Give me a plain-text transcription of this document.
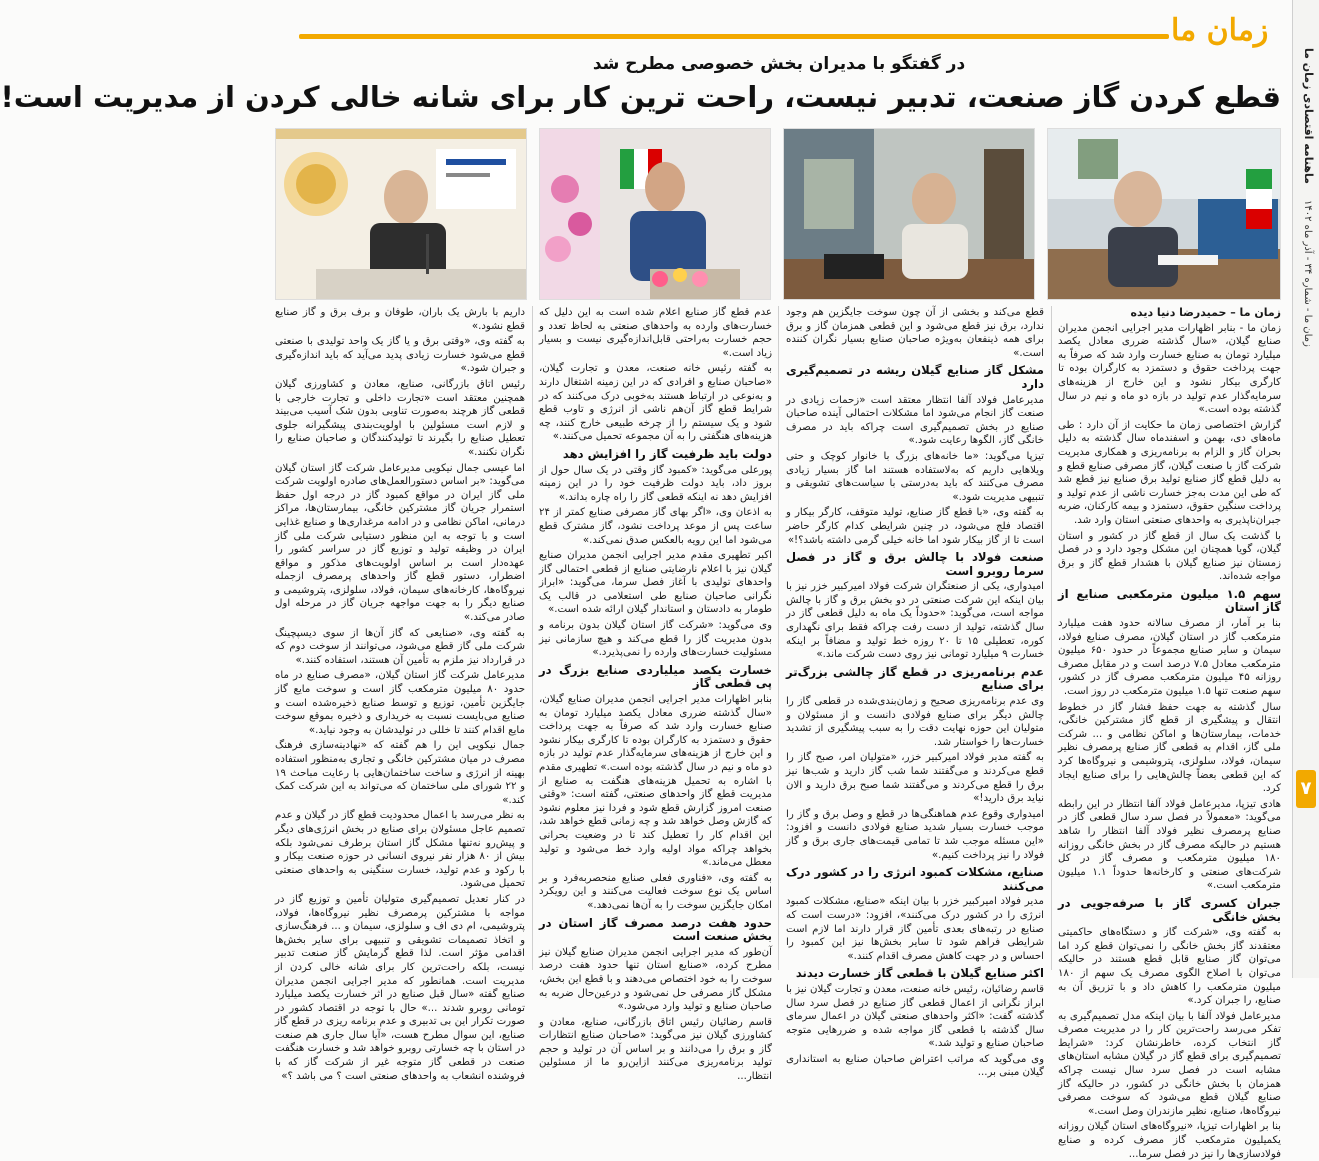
ماهنامه اقتصادی زمان ما
زمان ما - شماره ۳۴ - آذر ماه ۱۴۰۲
۷
زمان ما
در گفتگو با مدیران بخش خصوصی مطرح شد
قطع کردن گاز صنعت، تدبیر نیست، راحت ترین کار برای شانه خالی کردن از مدیریت است!
زمان ما – حمیدرضا دنیا دیده

زمان ما - بنابر اظهارات مدیر اجرایی انجمن مدیران صنایع گیلان، «سال گذشته ضرری معادل یکصد میلیارد تومان به صنایع خسارت وارد شد که صرفاً به جهت پرداخت حقوق و دستمزد به کارگران بوده تا کارگری بیکار نشود و این خارج از هزینه‌های سرمایه‌گذار عدم تولید در بازه دو ماه و نیم در سال گذشته بوده است.»

گزارش اختصاصی زمان ما حکایت از آن دارد : طی ماه‌های دی، بهمن و اسفندماه سال گذشته به دلیل بحران گاز و الزام به برنامه‌ریزی و همکاری مدیریت شرکت گاز با صنعت گیلان، گاز مصرفی صنایع قطع و به دلیل قطع گاز صنایع تولید برق صنایع نیز قطع شد که طی این مدت به‌جز خسارت ناشی از عدم تولید و پرداخت سنگین حقوق، دستمزد و بیمه کارکنان، ضربه جبران‌ناپذیری به واحدهای صنعتی استان وارد شد.

با گذشت یک سال از قطع گاز در کشور و استان گیلان، گویا همچنان این مشکل وجود دارد و در فصل زمستان نیز صنایع گیلان با هشدار قطع گاز و برق مواجه شده‌اند.

سهم ۱.۵ میلیون مترمکعبی صنایع از گاز استان

بنا بر آمار، از مصرف سالانه حدود هفت میلیارد مترمکعب گاز در استان گیلان، مصرف صنایع فولاد، سیمان و سایر صنایع مجموعاً در حدود ۶۵۰ میلیون مترمکعب معادل ۷.۵ درصد است و در مقابل مصرف روزانه ۴۵ میلیون مترمکعب مصرف گاز در کشور، سهم صنعت تنها ۱.۵ میلیون مترمکعب در روز است.

سال گذشته به جهت حفظ فشار گاز در خطوط انتقال و پیشگیری از قطع گاز مشترکین خانگی، خدمات، بیمارستان‌ها و اماکن نظامی و ... شرکت ملی گاز، اقدام به قطعی گاز صنایع پرمصرف نظیر سیمان، فولاد، سلولزی، پتروشیمی و نیروگاه‌ها کرد که این قطعی بعضاً چالش‌هایی را برای صنایع ایجاد کرد.

هادی تیزپا، مدیرعامل فولاد آلفا انتظار در این رابطه می‌گوید: «معمولاً در فصل سرد سال قطعی گاز در صنایع پرمصرف نظیر فولاد آلفا انتظار را شاهد هستیم در حالیکه مصرف گاز در بخش خانگی روزانه ۱۸۰ میلیون مترمکعب و مصرف گاز در کل شرکت‌های صنعتی و کارخانه‌ها حدوداً ۱.۱ میلیون مترمکعب است.»

جبران کسری گاز با صرفه‌جویی در بخش خانگی

به گفته وی، «شرکت گاز و دستگاه‌های حاکمیتی معتقدند گاز بخش خانگی را نمی‌توان قطع کرد اما می‌توان گاز صنایع قابل قطع هستند در حالیکه می‌توان با اصلاح الگوی مصرف یک سهم از ۱۸۰ میلیون مترمکعب را کاهش داد و با تزریق آن به صنایع، را جبران کرد.»

مدیرعامل فولاد آلفا با بیان اینکه مدل تصمیم‌گیری به تفکر می‌رسد راحت‌ترین کار را در مدیریت مصرف گاز انتخاب کرده، خاطرنشان کرد: «شرایط تصمیم‌گیری برای قطع گاز در گیلان مشابه استان‌های مشابه است در فصل سرد سال نیست چراکه همزمان با بخش خانگی در کشور، در حالیکه گاز صنایع گیلان قطع می‌شود که سوخت مصرفی نیروگاه‌ها، صنایع، نظیر مازندران وصل است.»

بنا بر اظهارات تیزپا، «نیروگاه‌های استان گیلان روزانه یکمیلیون مترمکعب گاز مصرف کرده و صنایع فولادسازی‌ها را نیز در فصل سرما...

قطع می‌کند و بخشی از آن چون سوخت جایگزین هم وجود ندارد، برق نیز قطع می‌شود و این قطعی همزمان گاز و برق برای همه ذینفعان به‌ویژه صاحبان صنایع بسیار نگران کننده است.»

مشکل گاز صنایع گیلان ریشه در تصمیم‌گیری دارد

مدیرعامل فولاد آلفا انتظار معتقد است «زحمات زیادی در صنعت گاز انجام می‌شود اما مشکلات احتمالی آینده صاحبان صنایع در بخش تصمیم‌گیری است چراکه باید در مصرف خانگی گاز، الگوها رعایت شود.»

تیزپا می‌گوید: «ما خانه‌های بزرگ با خانوار کوچک و حتی ویلاهایی داریم که به‌لاستفاده هستند اما گاز بسیار زیادی مصرف می‌کنند که باید به‌درستی با سیاست‌های تشویقی و تنبیهی مدیریت شود.»

به گفته وی، «با قطع گاز صنایع، تولید متوقف، کارگر بیکار و اقتصاد فلج می‌شود، در چنین شرایطی کدام کارگر حاضر است تا از گاز بیکار شود اما خانه خیلی گرمی داشته باشد؟!»

صنعت فولاد با چالش برق و گاز در فصل سرما روبرو است

امیدواری، یکی از صنعتگران شرکت فولاد امیرکبیر خزر نیز با بیان اینکه این شرکت صنعتی در دو بخش برق و گاز با چالش مواجه است، می‌گوید: «حدوداً یک ماه به دلیل قطعی گاز در سال گذشته، تولید از دست رفت چراکه فقط برای نگهداری کوره، تعطیلی ۱۵ تا ۲۰ روزه خط تولید و مضافاً بر اینکه خسارت ۹ میلیارد تومانی نیز روی دست شرکت ماند.»

عدم برنامه‌ریزی در قطع گاز چالشی بزرگ‌تر برای صنایع

وی عدم برنامه‌ریزی صحیح و زمان‌بندی‌شده در قطعی گاز را چالش دیگر برای صنایع فولادی دانست و از مسئولان و متولیان این حوزه نهایت دقت را به سبب پیشگیری از تشدید خسارت‌ها را خواستار شد.

به گفته مدیر فولاد امیرکبیر خزر، «متولیان امر، صبح گاز را قطع می‌کردند و می‌گفتند شما شب گاز دارید و شب‌ها نیز برق را قطع می‌کردند و می‌گفتند شما صبح برق دارید و الان نیاید برق دارید!»

امیدواری وقوع عدم هماهنگی‌ها در قطع و وصل برق و گاز را موجب خسارت بسیار شدید صنایع فولادی دانست و افزود: «این مسئله موجب شد تا تمامی قیمت‌های جاری برق و گاز فولاد را نیز پرداخت کنیم.»

صنایع، مشکلات کمبود انرژی را در کشور درک می‌کنند

مدیر فولاد امیرکبیر خزر با بیان اینکه «صنایع، مشکلات کمبود انرژی را در کشور درک می‌کنند»، افزود: «درست است که صنایع در رتبه‌های بعدی تأمین گاز قرار دارند اما لازم است شرایطی فراهم شود تا سایر بخش‌ها نیز این کمبود را احساس و در جهت کاهش مصرف اقدام کنند.»

اکثر صنایع گیلان با قطعی گاز خسارت دیدند

قاسم رضائیان، رئیس خانه صنعت، معدن و تجارت گیلان نیز با ابراز نگرانی از اعمال قطعی گاز صنایع در فصل سرد سال گذشته گفت: «اکثر واحدهای صنعتی گیلان در اعمال سرمای سال گذشته با قطعی گاز مواجه شده و ضررهایی متوجه صاحبان صنایع و تولید شد.»

وی می‌گوید که مراتب اعتراض صاحبان صنایع به استانداری گیلان مبنی بر...

عدم قطع گاز صنایع اعلام شده است به این دلیل که خسارت‌های وارده به واحدهای صنعتی به لحاظ تعدد و حجم خسارت به‌راحتی قابل‌اندازه‌گیری نیست و بسیار زیاد است.»

به گفته رئیس خانه صنعت، معدن و تجارت گیلان، «صاحبان صنایع و افرادی که در این زمینه اشتغال دارند و به‌نوعی در ارتباط هستند به‌خوبی درک می‌کنند که در شرایط قطع گاز آن‌هم ناشی از انرژی و تاوب قطع شود و یک سیستم را از چرخه طبیعی خارج کنند، چه هزینه‌های هنگفتی را به آن مجموعه تحمیل می‌کنند.»

دولت باید ظرفیت گاز را افزایش دهد

پورعلی می‌گوید: «کمبود گاز وقتی در یک سال حول از بروز داد، باید دولت ظرفیت خود را در این زمینه افزایش دهد نه اینکه قطعی گاز را راه چاره بداند.»

به اذعان وی، «اگر بهای گاز مصرفی صنایع کمتر از ۲۴ ساعت پس از موعد پرداخت نشود، گاز مشترک قطع می‌شود اما این رویه بالعکس صدق نمی‌کند.»

اکبر تطهیری مقدم مدیر اجرایی انجمن مدیران صنایع گیلان نیز با اعلام نارضایتی صنایع از قطعی احتمالی گاز واحدهای تولیدی با آغاز فصل سرما، می‌گوید: «ابراز نگرانی صاحبان صنایع طی استعلامی در قالب یک طومار به دادستان و استاندار گیلان ارائه شده است.»

وی می‌گوید: «شرکت گاز استان گیلان بدون برنامه و بدون مدیریت گاز را قطع می‌کند و هیچ سازمانی نیز مسئولیت خسارت‌های وارده را نمی‌پذیرد.»

خسارت یکصد میلیاردی صنایع بزرگ در پی قطعی گاز

بنابر اظهارات مدیر اجرایی انجمن مدیران صنایع گیلان، «سال گذشته ضرری معادل یکصد میلیارد تومان به صنایع خسارت وارد شد که صرفاً به جهت پرداخت حقوق و دستمزد به کارگران بوده تا کارگری بیکار نشود و این خارج از هزینه‌های سرمایه‌گذار عدم تولید در بازه دو ماه و نیم در سال گذشته بوده است.» تطهیری مقدم با اشاره به تحمیل هزینه‌های هنگفت به صنایع از مدیریت قطع گاز واحدهای صنعتی، گفته است: «وقتی صنعت امروز گزارش قطع شود و فردا نیز معلوم نشود که گازش وصل خواهد شد و چه زمانی قطع خواهد شد، این اقدام کار را تعطیل کند تا در وضعیت بحرانی بخواهد چراکه مواد اولیه وارد خط می‌شود و تولید معطل می‌ماند.»

به گفته وی، «فناوری فعلی صنایع منحصربه‌فرد و بر اساس یک نوع سوخت فعالیت می‌کنند و این رویکرد امکان جایگزین سوخت را به آن‌ها نمی‌دهد.»

حدود هفت درصد مصرف گاز استان در بخش صنعت است

آن‌طور که مدیر اجرایی انجمن مدیران صنایع گیلان نیز مطرح کرده، «صنایع استان تنها حدود هفت درصد سوخت را به خود اختصاص می‌دهند و با قطع این بخش، مشکل گاز مصرفی حل نمی‌شود و درعین‌حال ضربه به صاحبان صنایع و تولید وارد می‌شود.»

قاسم رضائیان رئیس اتاق بازرگانی، صنایع، معادن و کشاورزی گیلان نیز می‌گوید: «صاحبان صنایع انتظارات گاز و برق را می‌دانند و بر اساس آن در تولید و حجم تولید برنامه‌ریزی می‌کنند ازاین‌رو ما از مسئولین انتظار...

داریم با بارش یک باران، طوفان و برف برق و گاز صنایع قطع نشود.»

به گفته وی، «وقتی برق و یا گاز یک واحد تولیدی با صنعتی قطع می‌شود خسارت زیادی پدید می‌آید که باید اندازه‌گیری و جبران شود.»

رئیس اتاق بازرگانی، صنایع، معادن و کشاورزی گیلان همچنین معتقد است «تجارت داخلی و تجارت خارجی با قطعی گاز هرچند به‌صورت تناوبی بدون شک آسیب می‌بیند و لازم است مسئولین با اولویت‌بندی پیشگیرانه جلوی تعطیل صنایع را بگیرند تا تولیدکنندگان و صاحبان صنایع را نگران نکنند.»

اما عیسی جمال نیکویی مدیرعامل شرکت گاز استان گیلان می‌گوید: «بر اساس دستورالعمل‌های صادره اولویت شرکت ملی گاز ایران در مواقع کمبود گاز در درجه اول حفظ استمرار جریان گاز مشترکین خانگی، بیمارستان‌ها، مراکز درمانی، اماکن نظامی و در ادامه مرغداری‌ها و صنایع غذایی است و با توجه به این منظور دستیابی شرکت ملی گاز ایران در وظیفه تولید و توزیع گاز در سراسر کشور را عهده‌دار است بر اساس اولویت‌های مذکور و مواقع اضطرار، دستور قطع گاز واحدهای پرمصرف ازجمله نیروگاه‌ها، کارخانه‌های سیمان، فولاد، سلولزی، پتروشیمی و صنایع دیگر را به جهت مواجهه جریان گاز در مرحله اول صادر می‌کند.»

به گفته وی، «صنایعی که گاز آن‌ها از سوی دیسپچینگ شرکت ملی گاز قطع می‌شود، می‌توانند از سوخت دوم که در قرارداد نیز ملزم به تأمین آن هستند، استفاده کنند.»

مدیرعامل شرکت گاز استان گیلان، «مصرف صنایع در ماه حدود ۸۰ میلیون مترمکعب گاز است و سوخت مایع گاز جایگزین تأمین، توزیع و توسط صنایع ذخیره‌شده است و صنایع می‌بایست نسبت به خریداری و ذخیره بموقع سوخت مایع اقدام کنند تا خللی در تولیدشان به وجود نیاید.»

جمال نیکویی این را هم گفته که «نهادینه‌سازی فرهنگ مصرف در میان مشترکین خانگی و تجاری به‌منظور استفاده بهینه از انرژی و ساخت ساختمان‌هایی با رعایت مباحث ۱۹ و ۲۲ شورای ملی ساختمان که می‌تواند به این شرکت کمک کند.»

به نظر می‌رسد با اعمال محدودیت قطع گاز در گیلان و عدم تصمیم عاجل مسئولان برای صنایع در بخش انرژی‌های دیگر و پیش‌رو نه‌تنها مشکل گاز استان برطرف نمی‌شود بلکه بیش از ۸۰ هزار نفر نیروی انسانی در حوزه صنعت بیکار و با رکود و عدم تولید، خسارت سنگینی به واحدهای صنعتی تحمیل می‌شود.

در کنار تعدیل تصمیم‌گیری متولیان تأمین و توزیع گاز در مواجه با مشترکین پرمصرف نظیر نیروگاه‌ها، فولاد، پتروشیمی، ام دی اف و سلولزی، سیمان و ... فرهنگ‌سازی و اتخاذ تصمیمات تشویقی و تنبیهی برای سایر بخش‌ها اقدامی مؤثر است. لذا قطع گرمایش گاز صنعت تدبیر نیست، بلکه راحت‌ترین کار برای شانه خالی کردن از مدیریت است. همانطور که مدیر اجرایی انجمن مدیران صنایع گفته «سال قبل صنایع در اثر خسارت یکصد میلیارد تومانی روبرو شدند ...» حال با توجه در اقتصاد کشور در صورت تکرار این بی تدبیری و عدم برنامه ریزی در قطع گاز صنایع، این سوال مطرح هست، «آیا سال جاری هم صنعت در استان با چه خسارتی روبرو خواهد شد و خسارت هنگفت صنعت در قطعی گاز متوجه غیر از شرکت گاز که با فروشنده انشعاب به واحدهای صنعتی است ؟ می باشد ؟»
